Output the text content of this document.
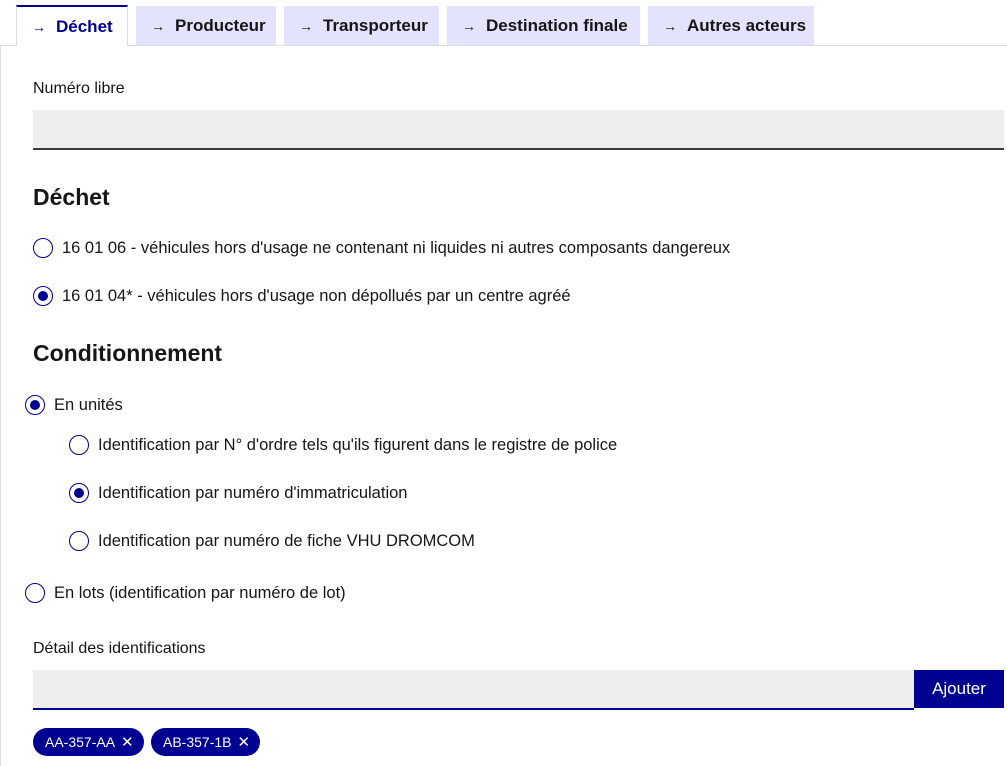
→ Déchet	→ Producteur → Transporteur → Destination finale	→ Autres acteurs
Numéro libre
Déchet
16 01 06 - véhicules hors d'usage ne contenant ni liquides ni autres composants dangereux
16 01 04* - véhicules hors d'usage non dépollués par un centre agréé
Conditionnement
En unités
Identification par N° d'ordre tels qu'ils figurent dans le registre de police
Identification par numéro d'immatriculation
Identification par numéro de fiche VHU DROMCOM
En lots (identification par numéro de lot)
Détail des identifications
Ajouter
AA-357-AA ✕ AB-357-1B ✕
